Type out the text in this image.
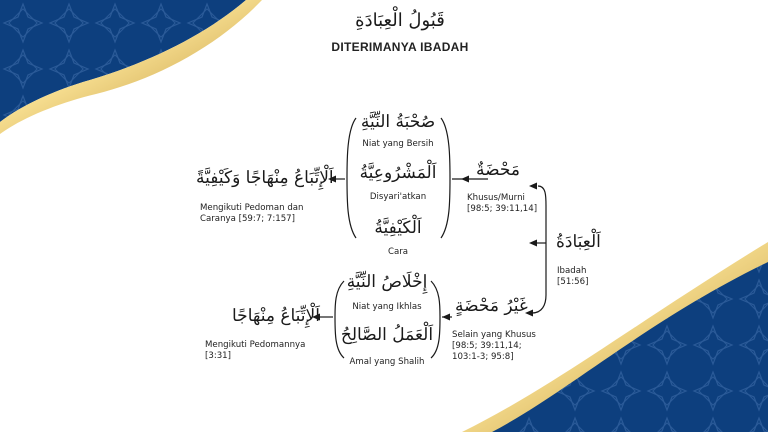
قَبُولُ الْعِبَادَةِ
DITERIMANYA IBADAH
اَلْعِبَادَةُ
Ibadah
[51:56]
مَحْضَةٌ
Khusus/Murni
[98:5; 39:11,14]
صُحْبَةُ النِّيَّةِ
Niat yang Bersih
اَلْمَشْرُوعِيَّةُ
Disyari'atkan
اَلْكَيْفِيَّةُ
Cara
اَلْإِتِّبَاعُ مِنْهَاجًا وَكَيْفِيَّةً
Mengikuti Pedoman dan
Caranya [59:7; 7:157]
غَيْرُ مَحْضَةٍ
Selain yang Khusus
[98:5; 39:11,14;
103:1-3; 95:8]
إِخْلَاصُ النِّيَّةِ
Niat yang Ikhlas
اَلْعَمَلُ الصَّالِحُ
Amal yang Shalih
اَلْإِتِّبَاعُ مِنْهَاجًا
Mengikuti Pedomannya
[3:31]
